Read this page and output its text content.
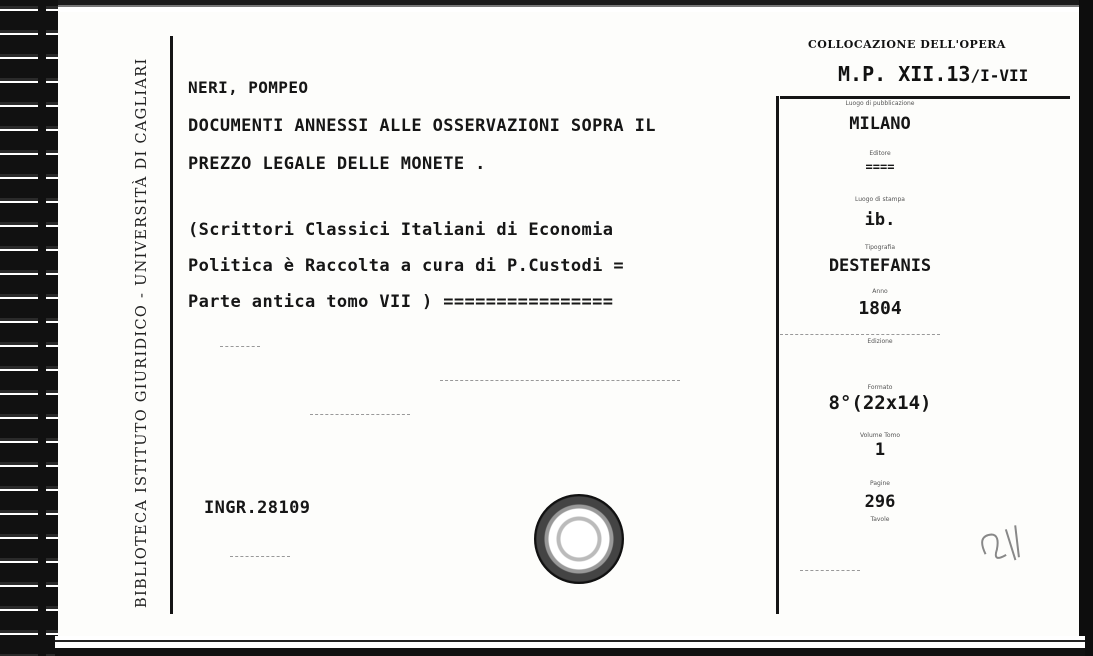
BIBLIOTECA ISTITUTO GIURIDICO - UNIVERSITÀ DI CAGLIARI NERI, POMPEO
DOCUMENTI ANNESSI ALLE OSSERVAZIONI SOPRA IL
PREZZO LEGALE DELLE MONETE .
(Scrittori Classici Italiani di Economia
Politica è Raccolta a cura di P.Custodi =
Parte antica tomo VII ) ================
INGR.28109
COLLOCAZIONE DELL'OPERA
M.P. XII.13/I-VII
Luogo di pubblicazione
MILANO
Editore
====
Luogo di stampa
ib.
Tipografia
DESTEFANIS
Anno
1804
Edizione
Formato
8°(22x14)
Volume Tomo
1
Pagine
296
Tavole
